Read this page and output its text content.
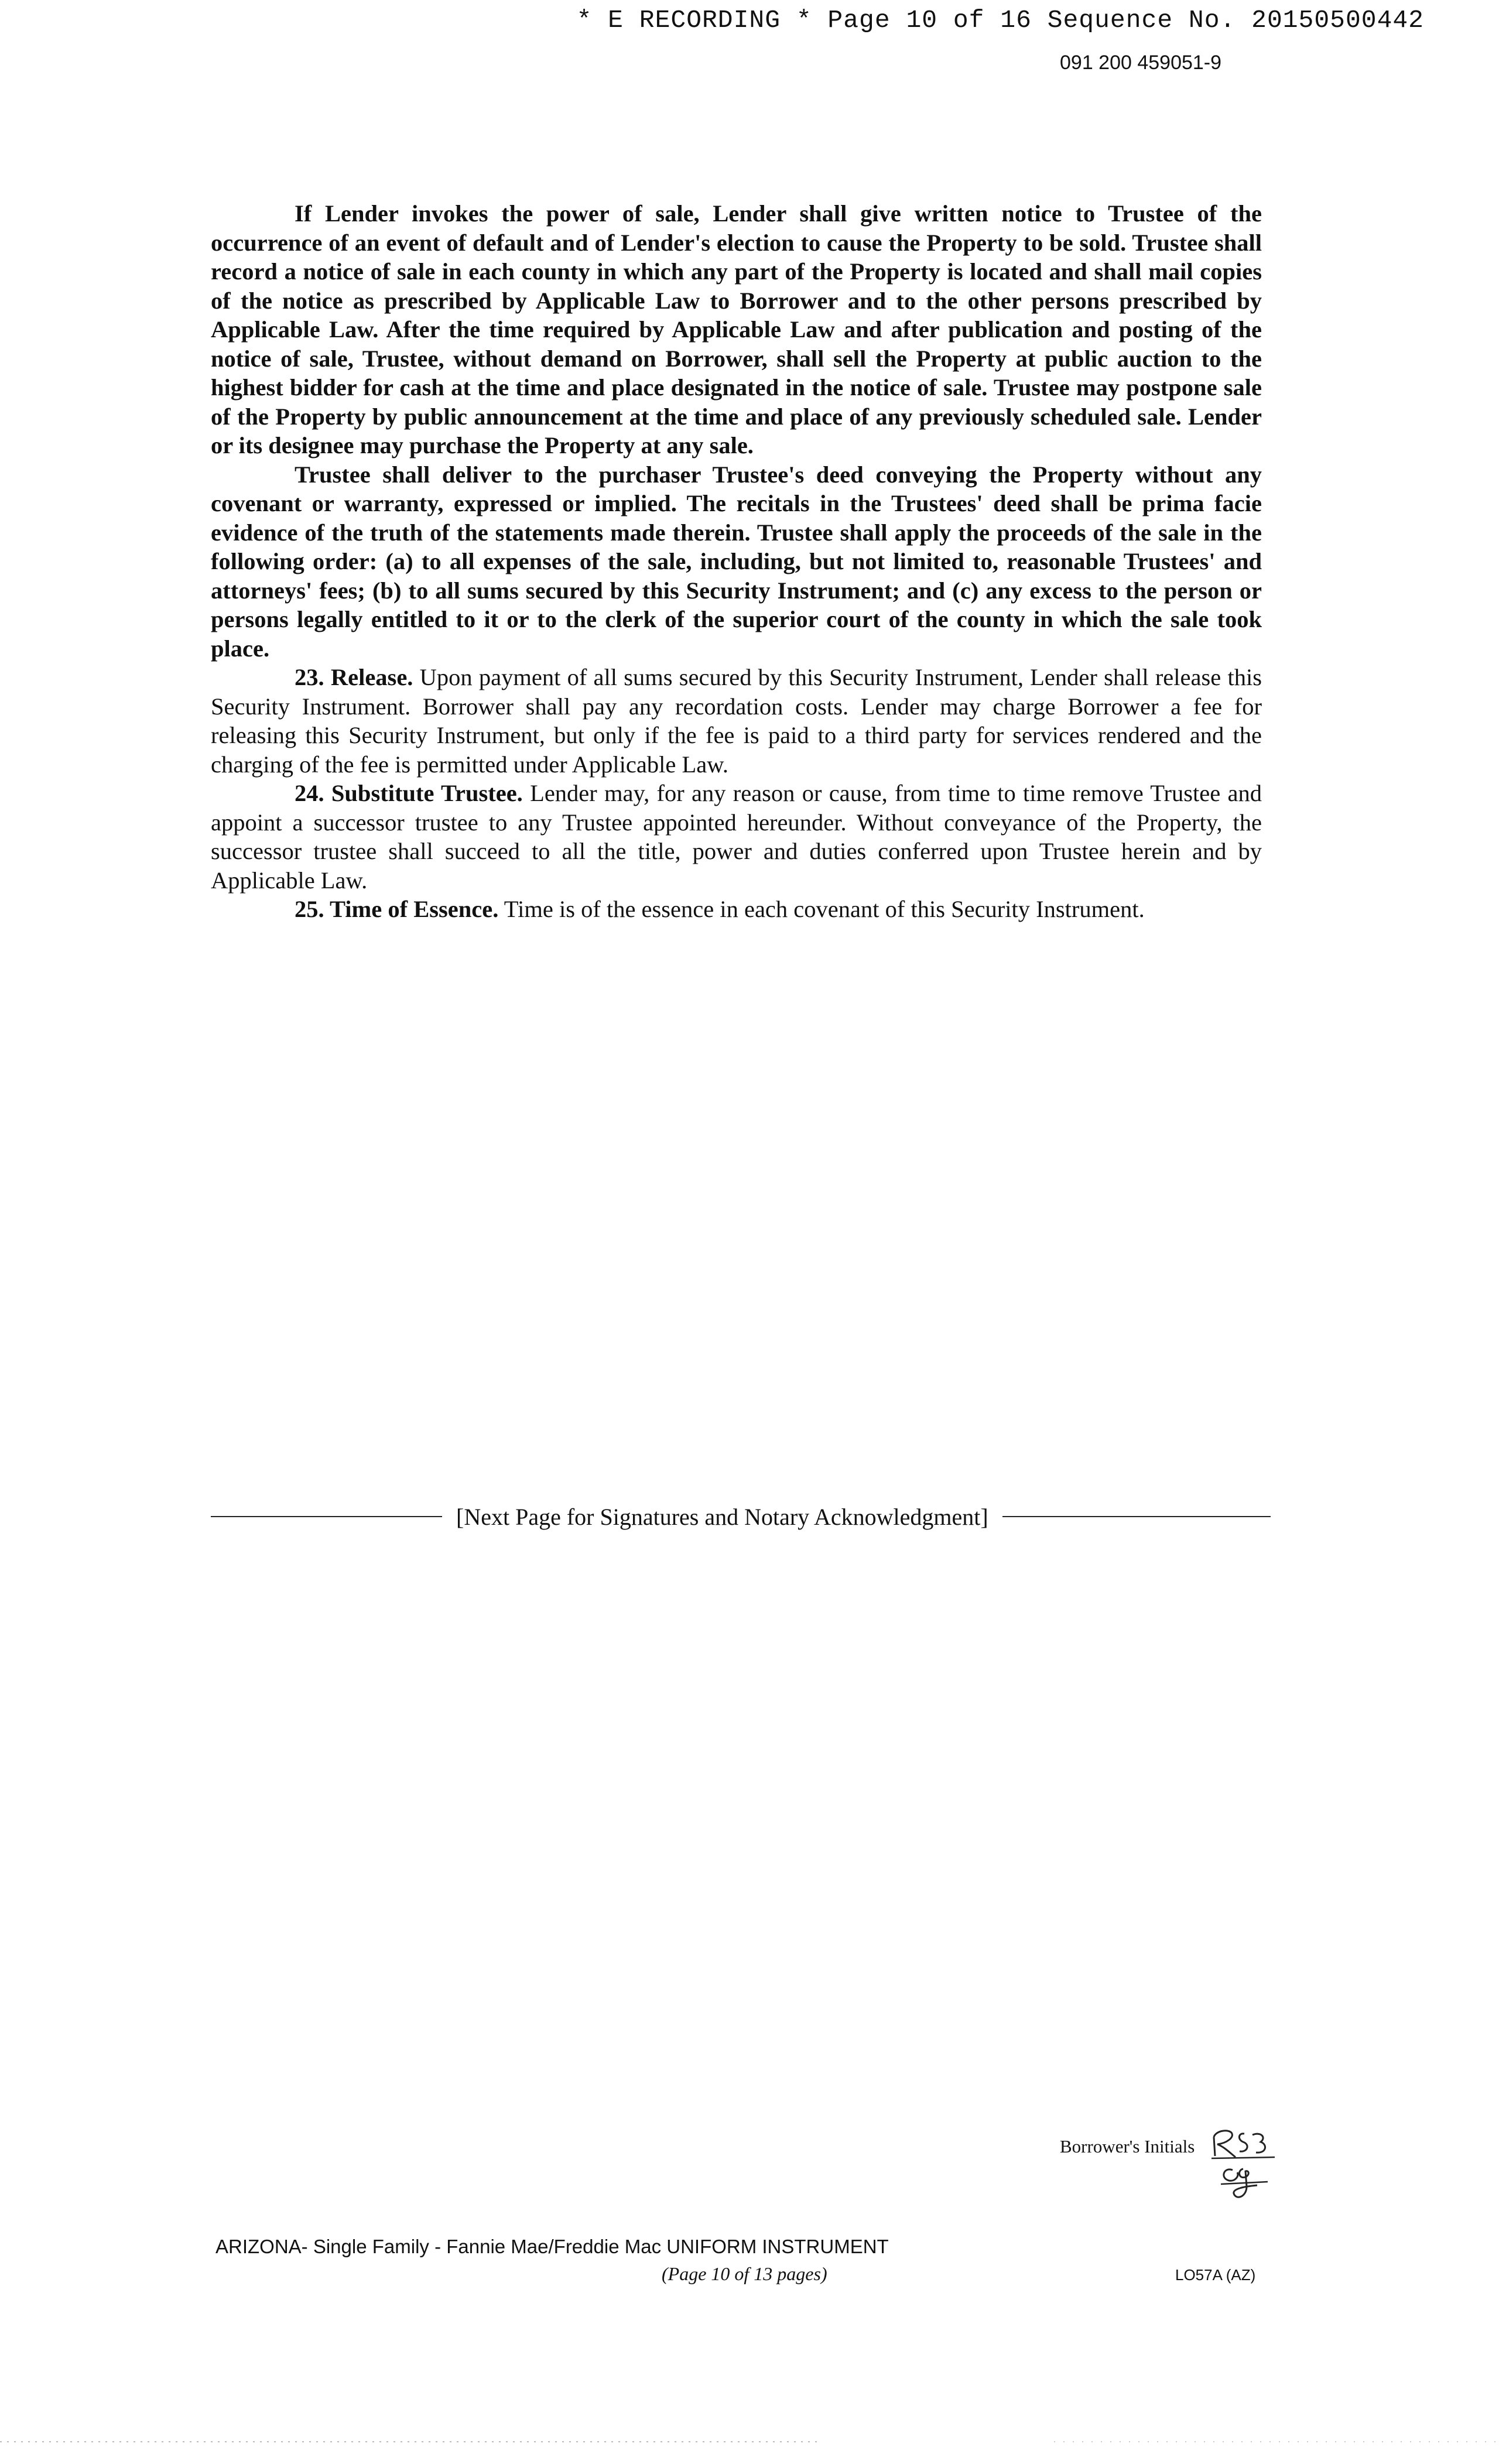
* E RECORDING * Page 10 of 16 Sequence No. 20150500442
091 200 459051-9

If Lender invokes the power of sale, Lender shall give written notice to Trustee of the occurrence of an event of default and of Lender's election to cause the Property to be sold. Trustee shall record a notice of sale in each county in which any part of the Property is located and shall mail copies of the notice as prescribed by Applicable Law to Borrower and to the other persons prescribed by Applicable Law. After the time required by Applicable Law and after publication and posting of the notice of sale, Trustee, without demand on Borrower, shall sell the Property at public auction to the highest bidder for cash at the time and place designated in the notice of sale. Trustee may postpone sale of the Property by public announcement at the time and place of any previously scheduled sale. Lender or its designee may purchase the Property at any sale.

Trustee shall deliver to the purchaser Trustee's deed conveying the Property without any covenant or warranty, expressed or implied. The recitals in the Trustees' deed shall be prima facie evidence of the truth of the statements made therein. Trustee shall apply the proceeds of the sale in the following order: (a) to all expenses of the sale, including, but not limited to, reasonable Trustees' and attorneys' fees; (b) to all sums secured by this Security Instrument; and (c) any excess to the person or persons legally entitled to it or to the clerk of the superior court of the county in which the sale took place.

23. Release. Upon payment of all sums secured by this Security Instrument, Lender shall release this Security Instrument. Borrower shall pay any recordation costs. Lender may charge Borrower a fee for releasing this Security Instrument, but only if the fee is paid to a third party for services rendered and the charging of the fee is permitted under Applicable Law.

24. Substitute Trustee. Lender may, for any reason or cause, from time to time remove Trustee and appoint a successor trustee to any Trustee appointed hereunder. Without conveyance of the Property, the successor trustee shall succeed to all the title, power and duties conferred upon Trustee herein and by Applicable Law.

25. Time of Essence. Time is of the essence in each covenant of this Security Instrument.

[Next Page for Signatures and Notary Acknowledgment]
Borrower's Initials
ARIZONA- Single Family - Fannie Mae/Freddie Mac UNIFORM INSTRUMENT
(Page 10 of 13 pages)	LO57A (AZ)
